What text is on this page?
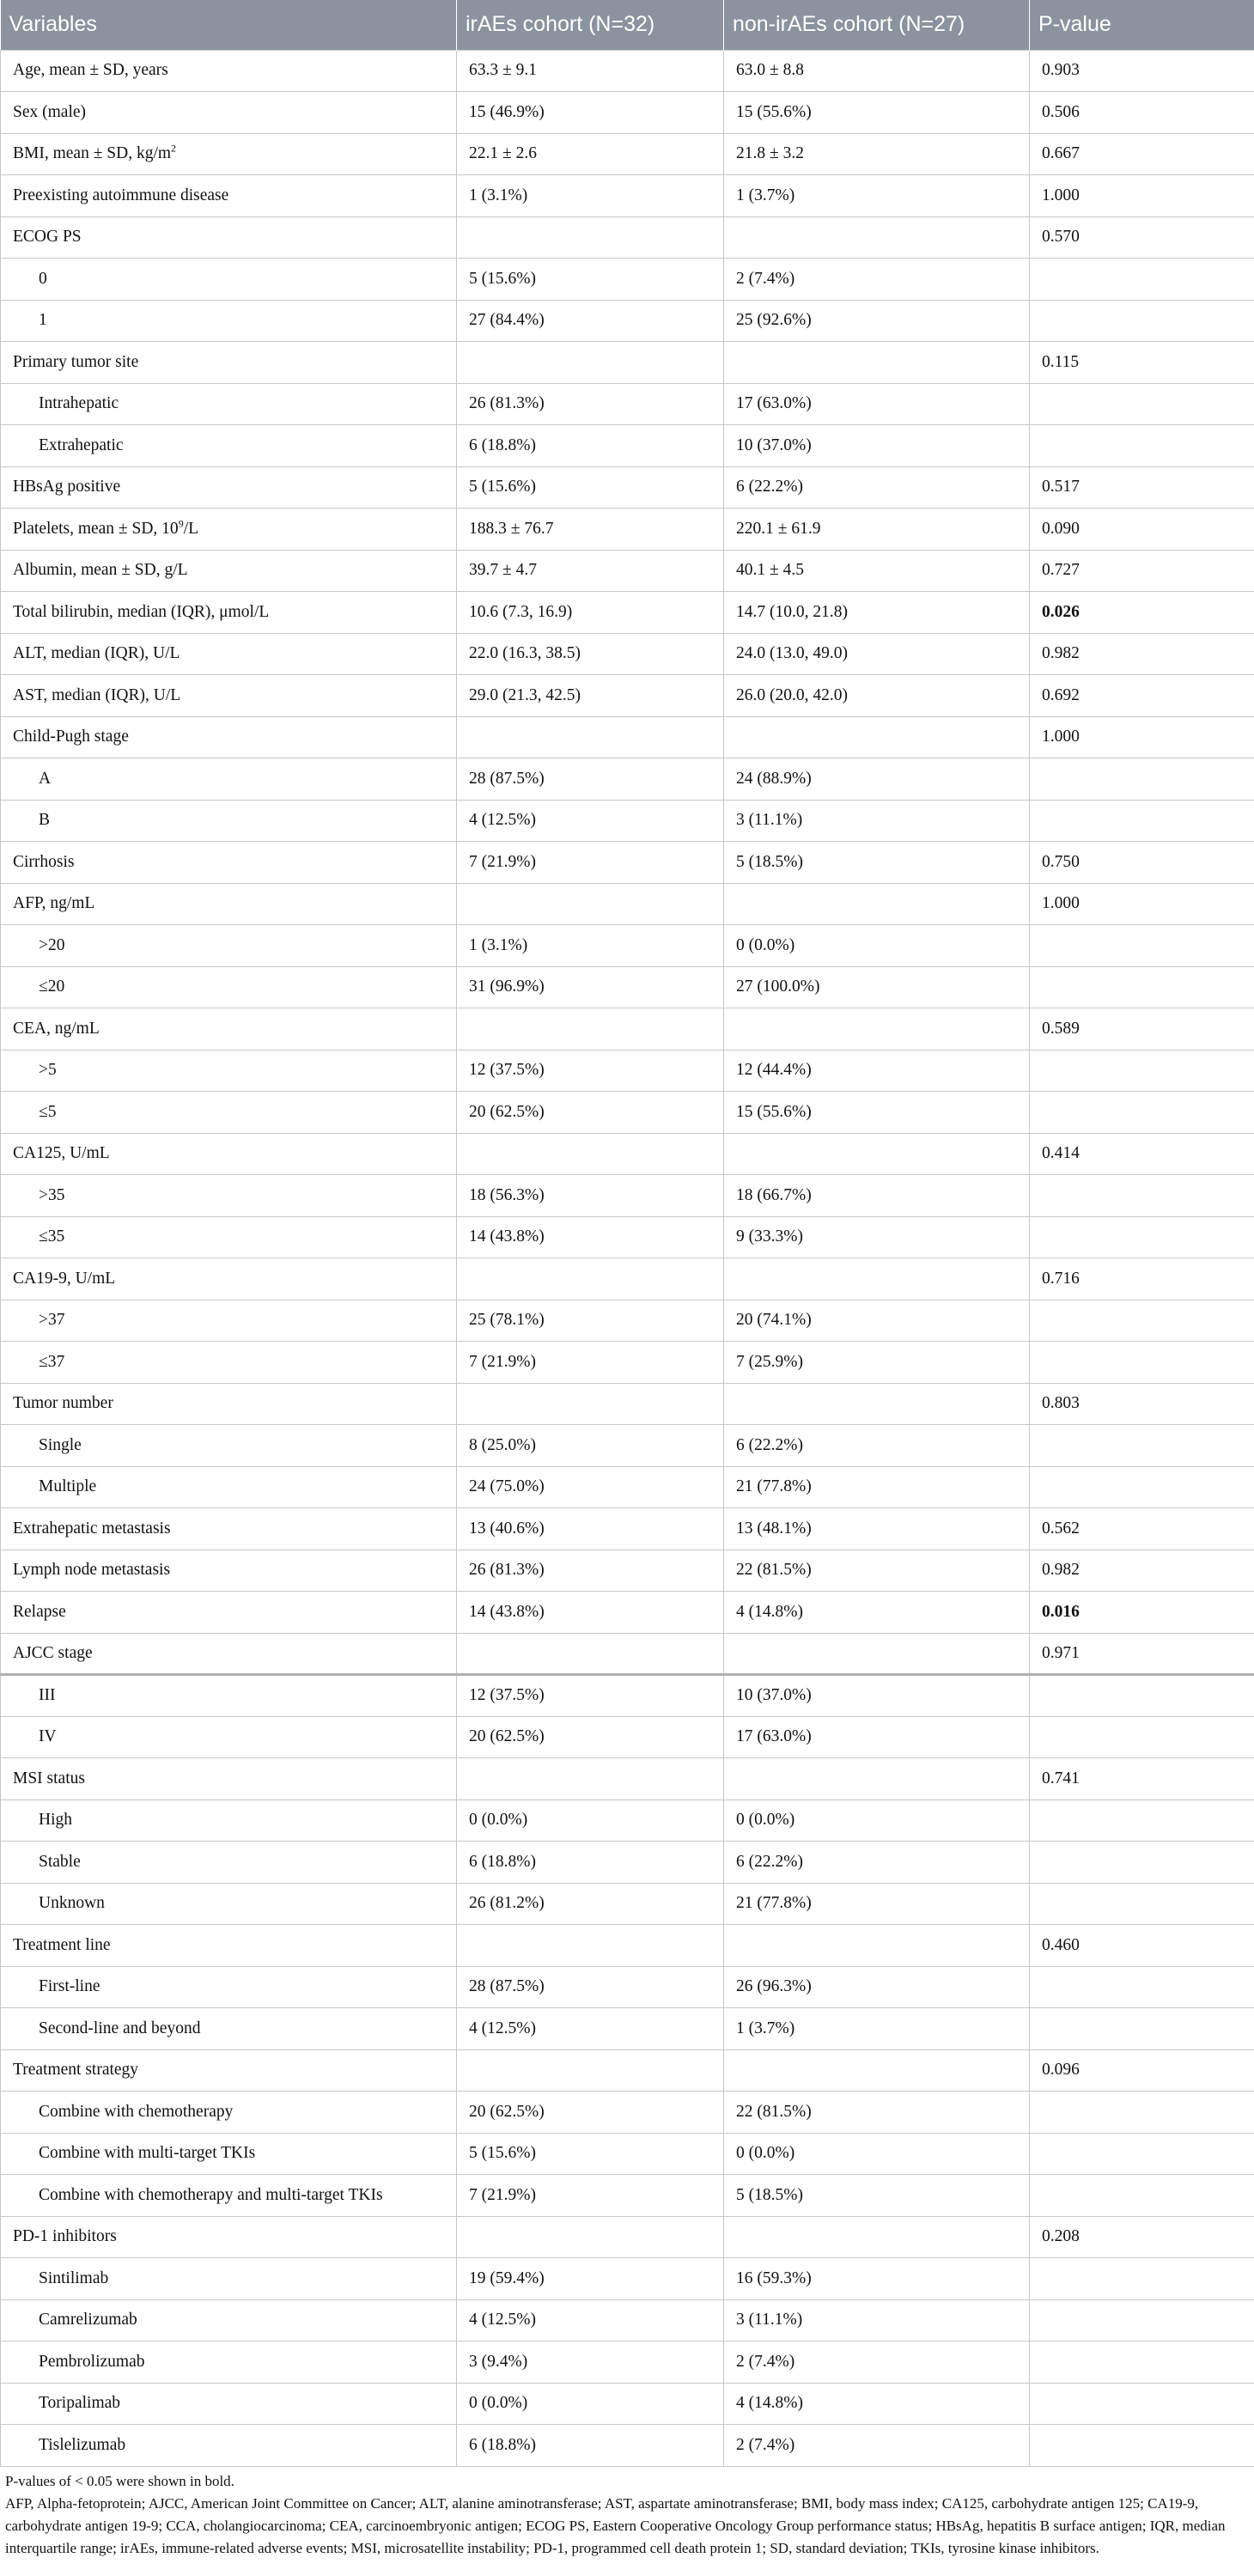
Variables	irAEs cohort (N=32)	non-irAEs cohort (N=27)	P-value
Age, mean ± SD, years	63.3 ± 9.1	63.0 ± 8.8	0.903
Sex (male)	15 (46.9%)	15 (55.6%)	0.506
BMI, mean ± SD, $kg/m^2$	22.1 ± 2.6	21.8 ± 3.2	0.667
Preexisting autoimmune disease	1 (3.1%)	1 (3.7%)	1.000
ECOG PS			0.570
0	5 (15.6%)	2 (7.4%)	
1	27 (84.4%)	25 (92.6%)	
Primary tumor site			0.115
Intrahepatic	26 (81.3%)	17 (63.0%)	
Extrahepatic	6 (18.8%)	10 (37.0%)	
HBsAg positive	5 (15.6%)	6 (22.2%)	0.517
Platelets, mean ± SD, $10^9/L$	188.3 ± 76.7	220.1 ± 61.9	0.090
Albumin, mean ± SD, g/L	39.7 ± 4.7	40.1 ± 4.5	0.727
Total bilirubin, median (IQR), μmol/L	10.6 (7.3, 16.9)	14.7 (10.0, 21.8)	0.026
ALT, median (IQR), U/L	22.0 (16.3, 38.5)	24.0 (13.0, 49.0)	0.982
AST, median (IQR), U/L	29.0 (21.3, 42.5)	26.0 (20.0, 42.0)	0.692
Child-Pugh stage			1.000
A	28 (87.5%)	24 (88.9%)	
B	4 (12.5%)	3 (11.1%)	
Cirrhosis	7 (21.9%)	5 (18.5%)	0.750
AFP, ng/mL			1.000
>20	1 (3.1%)	0 (0.0%)	
≤20	31 (96.9%)	27 (100.0%)	
CEA, ng/mL			0.589
>5	12 (37.5%)	12 (44.4%)	
≤5	20 (62.5%)	15 (55.6%)	
CA125, U/mL			0.414
>35	18 (56.3%)	18 (66.7%)	
≤35	14 (43.8%)	9 (33.3%)	
CA19-9, U/mL			0.716
>37	25 (78.1%)	20 (74.1%)	
≤37	7 (21.9%)	7 (25.9%)	
Tumor number			0.803
Single	8 (25.0%)	6 (22.2%)	
Multiple	24 (75.0%)	21 (77.8%)	
Extrahepatic metastasis	13 (40.6%)	13 (48.1%)	0.562
Lymph node metastasis	26 (81.3%)	22 (81.5%)	0.982
Relapse	14 (43.8%)	4 (14.8%)	0.016
AJCC stage			0.971
III	12 (37.5%)	10 (37.0%)	
IV	20 (62.5%)	17 (63.0%)	
MSI status			0.741
High	0 (0.0%)	0 (0.0%)	
Stable	6 (18.8%)	6 (22.2%)	
Unknown	26 (81.2%)	21 (77.8%)	
Treatment line			0.460
First-line	28 (87.5%)	26 (96.3%)	
Second-line and beyond	4 (12.5%)	1 (3.7%)	
Treatment strategy			0.096
Combine with chemotherapy	20 (62.5%)	22 (81.5%)	
Combine with multi-target TKIs	5 (15.6%)	0 (0.0%)	
Combine with chemotherapy and multi-target TKIs	7 (21.9%)	5 (18.5%)	
PD-1 inhibitors			0.208
Sintilimab	19 (59.4%)	16 (59.3%)	
Camrelizumab	4 (12.5%)	3 (11.1%)	
Pembrolizumab	3 (9.4%)	2 (7.4%)	
Toripalimab	0 (0.0%)	4 (14.8%)	
Tislelizumab	6 (18.8%)	2 (7.4%)	

P-values of < 0.05 were shown in bold.

AFP, Alpha-fetoprotein; AJCC, American Joint Committee on Cancer; ALT, alanine aminotransferase; AST, aspartate aminotransferase; BMI, body mass index; CA125, carbohydrate antigen 125; CA19-9, carbohydrate antigen 19-9; CCA, cholangiocarcinoma; CEA, carcinoembryonic antigen; ECOG PS, Eastern Cooperative Oncology Group performance status; HBsAg, hepatitis B surface antigen; IQR, median interquartile range; irAEs, immune-related adverse events; MSI, microsatellite instability; PD-1, programmed cell death protein 1; SD, standard deviation; TKIs, tyrosine kinase inhibitors.
